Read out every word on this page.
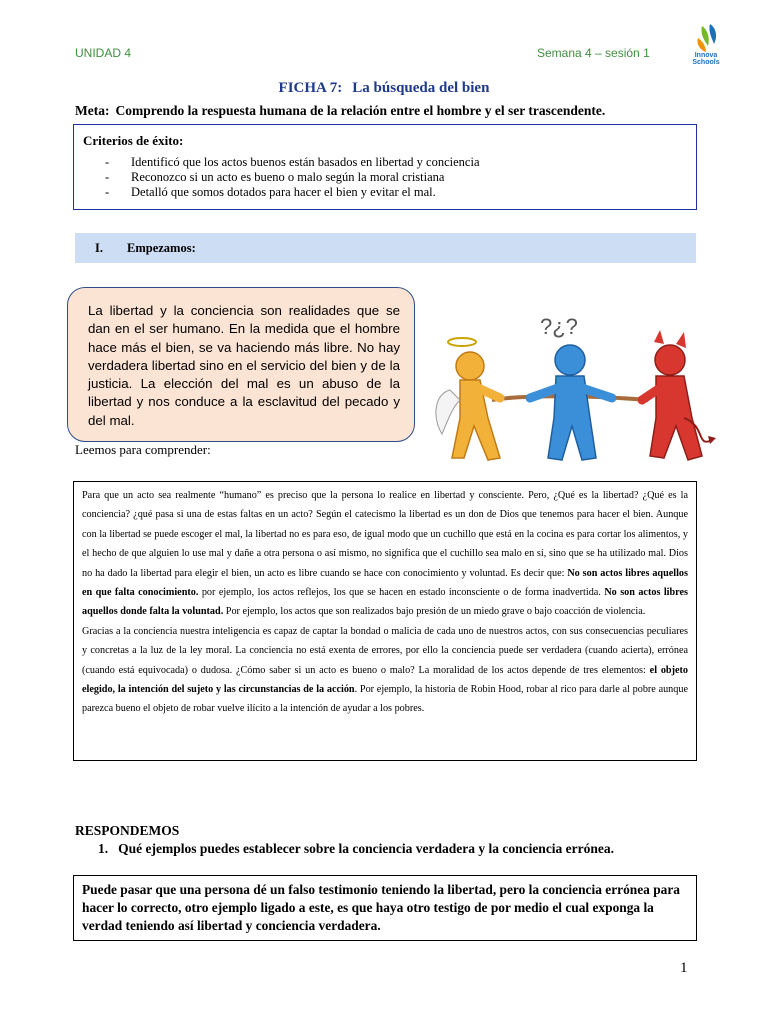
UNIDAD 4	Semana 4 – sesión 1	Innova
Schools
FICHA 7: La búsqueda del bien
Meta: Comprendo la respuesta humana de la relación entre el hombre y el ser trascendente.
Criterios de éxito:
-	Identificó que los actos buenos están basados en libertad y conciencia
-	Reconozco si un acto es bueno o malo según la moral cristiana
-	Detalló que somos dotados para hacer el bien y evitar el mal.
I.	Empezamos:
La libertad y la conciencia son realidades que se dan en el ser humano. En la medida que el hombre hace más el bien, se va haciendo más libre. No hay verdadera libertad sino en el servicio del bien y de la justicia. La elección del mal es un abuso de la libertad y nos conduce a la esclavitud del pecado y del mal.
?¿?
Leemos para comprender:

Para que un acto sea realmente “humano” es preciso que la persona lo realice en libertad y consciente. Pero, ¿Qué es la libertad? ¿Qué es la conciencia? ¿qué pasa si una de estas faltas en un acto? Según el catecismo la libertad es un don de Dios que tenemos para hacer el bien. Aunque con la libertad se puede escoger el mal, la libertad no es para eso, de igual modo que un cuchillo que está en la cocina es para cortar los alimentos, y el hecho de que alguien lo use mal y dañe a otra persona o así mismo, no significa que el cuchillo sea malo en sí, sino que se ha utilizado mal. Dios no ha dado la libertad para elegir el bien, un acto es libre cuando se hace con conocimiento y voluntad. Es decir que: No son actos libres aquellos en que falta conocimiento. por ejemplo, los actos reflejos, los que se hacen en estado inconsciente o de forma inadvertida. No son actos libres aquellos donde falta la voluntad. Por ejemplo, los actos que son realizados bajo presión de un miedo grave o bajo coacción de violencia.

Gracias a la conciencia nuestra inteligencia es capaz de captar la bondad o malicia de cada uno de nuestros actos, con sus consecuencias peculiares y concretas a la luz de la ley moral. La conciencia no está exenta de errores, por ello la conciencia puede ser verdadera (cuando acierta), errónea (cuando está equivocada) o dudosa. ¿Cómo saber si un acto es bueno o malo? La moralidad de los actos depende de tres elementos: el objeto elegido, la intención del sujeto y las circunstancias de la acción. Por ejemplo, la historia de Robin Hood, robar al rico para darle al pobre aunque parezca bueno el objeto de robar vuelve ilícito a la intención de ayudar a los pobres.

RESPONDEMOS
1. Qué ejemplos puedes establecer sobre la conciencia verdadera y la conciencia errónea.
Puede pasar que una persona dé un falso testimonio teniendo la libertad, pero la conciencia errónea para hacer lo correcto, otro ejemplo ligado a este, es que haya otro testigo de por medio el cual exponga la verdad teniendo así libertad y conciencia verdadera.
1
